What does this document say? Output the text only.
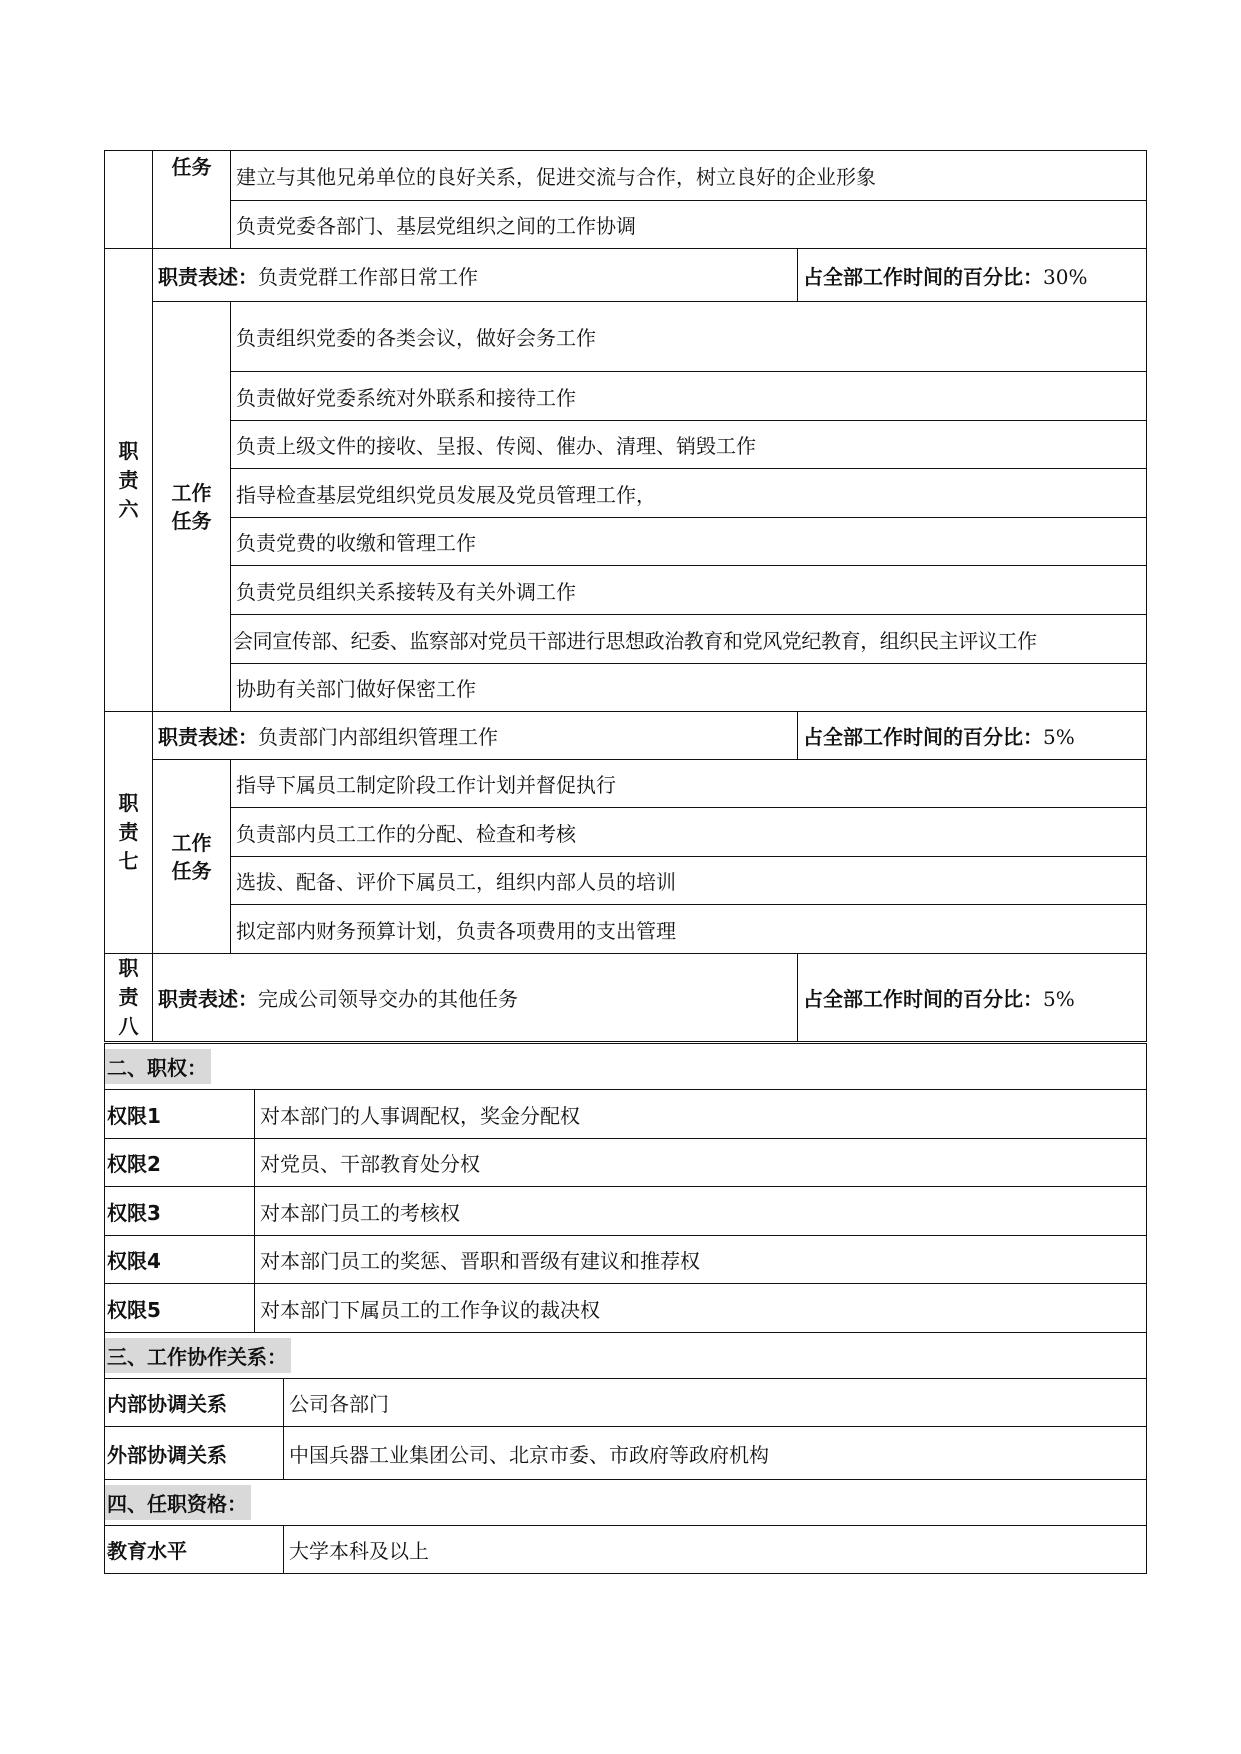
	任务	建立与其他兄弟单位的良好关系，促进交流与合作，树立良好的企业形象	
		负责党委各部门、基层党组织之间的工作协调	

职
责
六	职责表述：负责党群工作部日常工作		占全部工作时间的百分比：30%

	工作
任务	负责组织党委的各类会议，做好会务工作	
		负责做好党委系统对外联系和接待工作	
		负责上级文件的接收、呈报、传阅、催办、清理、销毁工作	
		指导检查基层党组织党员发展及党员管理工作，	
		负责党费的收缴和管理工作	
		负责党员组织关系接转及有关外调工作	
		会同宣传部、纪委、监察部对党员干部进行思想政治教育和党风党纪教育，组织民主评议工作	
		协助有关部门做好保密工作	

职
责
七	职责表述：负责部门内部组织管理工作		占全部工作时间的百分比：5%

	工作
任务	指导下属员工制定阶段工作计划并督促执行	
		负责部内员工工作的分配、检查和考核	
		选拔、配备、评价下属员工，组织内部人员的培训	
		拟定部内财务预算计划，负责各项费用的支出管理	

职
责
八	职责表述：完成公司领导交办的其他任务		占全部工作时间的百分比：5%
二、职权：	
权限1	对本部门的人事调配权，奖金分配权
权限2	对党员、干部教育处分权
权限3	对本部门员工的考核权
权限4	对本部门员工的奖惩、晋职和晋级有建议和推荐权
权限5	对本部门下属员工的工作争议的裁决权
三、工作协作关系：	
内部协调关系	公司各部门
外部协调关系	中国兵器工业集团公司、北京市委、市政府等政府机构
四、任职资格：
教育水平	大学本科及以上
